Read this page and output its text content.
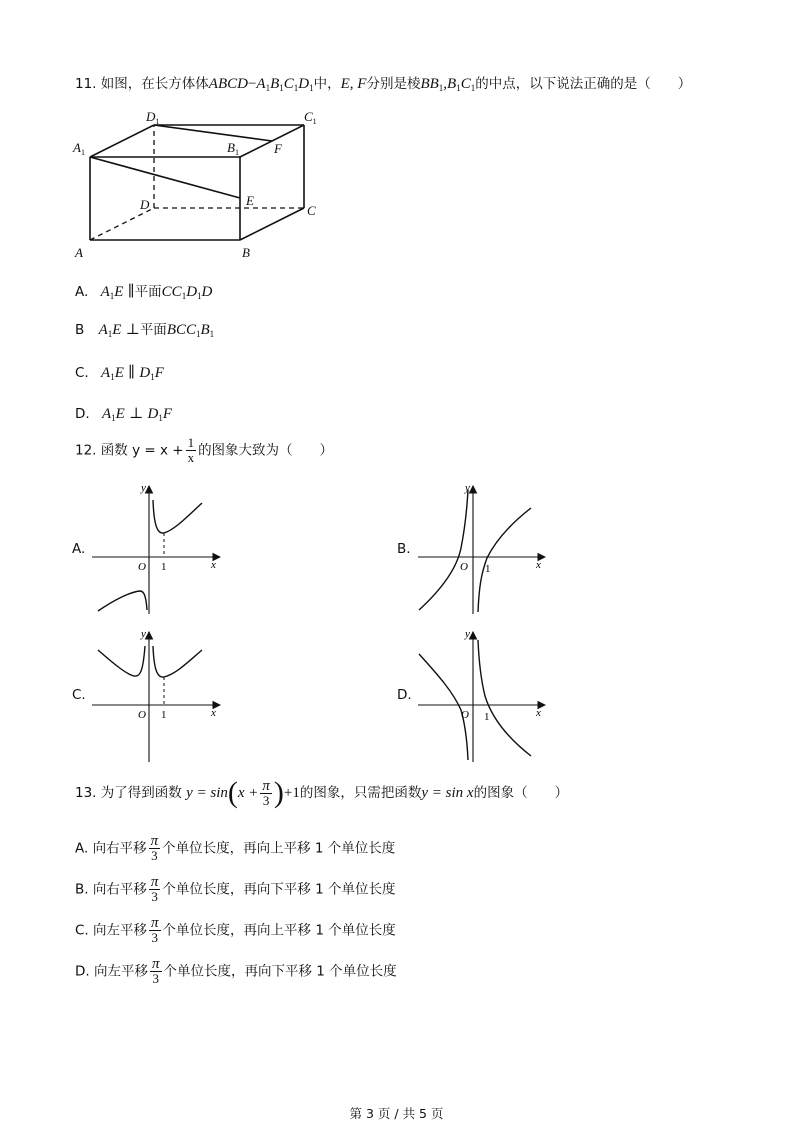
11. 如图，在长方体体$ABCD-A_1B_1C_1D_1$中，E, F分别是棱$BB_1,B_1C_1$的中点，以下说法正确的是（　　）
A	B
C
D
$A_1$	$B_1$
$C_1$
$D_1$
E
F
A. $A_1E$ ∥平面$CC_1D_1D$
B $A_1E$ ⊥平面$BCC_1B_1$
C. $A_1E$ ∥ $D_1F$
D. $A_1E$ ⊥ $D_1F$
12. 函数 $y = x + \frac{1}{x}$ 的图象大致为（　　）
A.	B.
C.	D.
y
x
O 1
y
x
O 1
y
x
O 1
y
x
O 1
13. 为了得到函数 $y = \sin(x + \frac{\pi}{3} )+1$的图象，只需把函数y = sin x的图象（　　）
A. 向右平移 $\frac{\pi}{3}$ 个单位长度，再向上平移 1 个单位长度
B. 向右平移 $\frac{\pi}{3}$ 个单位长度，再向下平移 1 个单位长度
C. 向左平移 $\frac{\pi}{3}$ 个单位长度，再向上平移 1 个单位长度
D. 向左平移 $\frac{\pi}{3}$ 个单位长度，再向下平移 1 个单位长度
第 3 页 / 共 5 页
